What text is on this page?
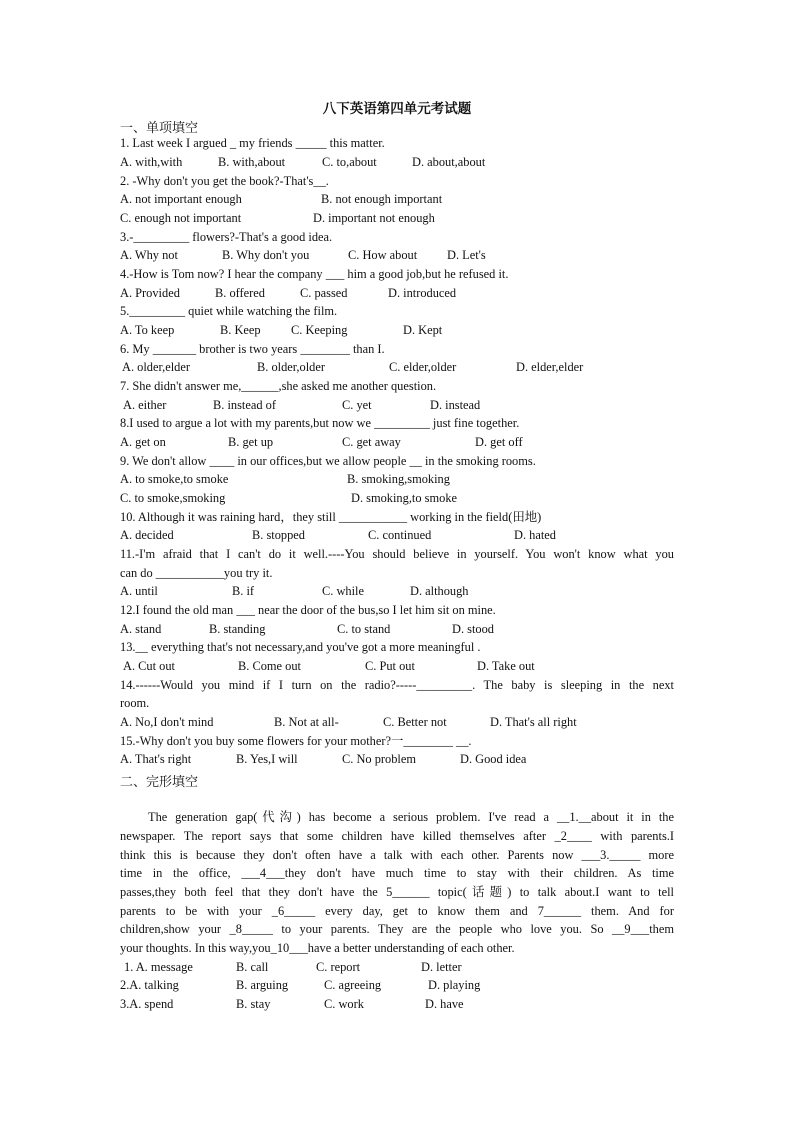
八下英语第四单元考试题
一、单项填空
1. Last week I argued _ my friends _____ this matter.
A. with,with	B. with,about	C. to,about	D. about,about
2. -Why don't you get the book?-That's__.
A. not important enough	B. not enough important
C. enough not important	D. important not enough
3.-_________ flowers?-That's a good idea.
A. Why not	B. Why don't you	C. How about D. Let's
4.-How is Tom now? I hear the company ___ him a good job,but he refused it.
A. Provided	B. offered	C. passed	D. introduced
5._________ quiet while watching the film.
A. To keep	B. Keep C. Keeping	D. Kept
6. My _______ brother is two years ________ than I.
A. older,elder	B. older,older	C. elder,older	D. elder,elder
7. She didn't answer me,______,she asked me another question.
A. either	B. instead of	C. yet	D. instead
8.I used to argue a lot with my parents,but now we _________ just fine together.
A. get on	B. get up	C. get away	D. get off
9. We don't allow ____ in our offices,but we allow people __ in the smoking rooms.
A. to smoke,to smoke	B. smoking,smoking
C. to smoke,smoking	D. smoking,to smoke
10. Although it was raining hard，they still ___________ working in the field(田地)
A. decided	B. stopped	C. continued	D. hated
11.-I'm afraid that I can't do it well.----You should believe in yourself. You won't know what you
can do ___________you try it.
A. until	B. if	C. while	D. although
12.I found the old man ___ near the door of the bus,so I let him sit on mine.
A. stand	B. standing	C. to stand	D. stood
13.__ everything that's not necessary,and you've got a more meaningful .
A. Cut out	B. Come out	C. Put out	D. Take out
14.------Would you mind if I turn on the radio?-----_________. The baby is sleeping in the next
room.
A. No,I don't mind	B. Not at all-	C. Better not	D. That's all right
15.-Why don't you buy some flowers for your mother?一________ __.
A. That's right	B. Yes,I will	C. No problem	D. Good idea
二、完形填空
The generation gap(代沟) has become a serious problem. I've read a __1.__about it in the
newspaper. The report says that some children have killed themselves after _2____ with parents.I
think this is because they don't often have a talk with each other. Parents now ___3._____ more
time in the office, ___4___they don't have much time to stay with their children. As time
passes,they both feel that they don't have the 5______ topic(话题) to talk about.I want to tell
parents to be with your _6_____ every day, get to know them and 7______ them. And for
children,show your _8_____ to your parents. They are the people who love you. So __9___them
your thoughts. In this way,you_10___have a better understanding of each other.
1. A. message	B. call	C. report	D. letter
2.A. talking	B. arguing	C. agreeing	D. playing
3.A. spend	B. stay	C. work	D. have
